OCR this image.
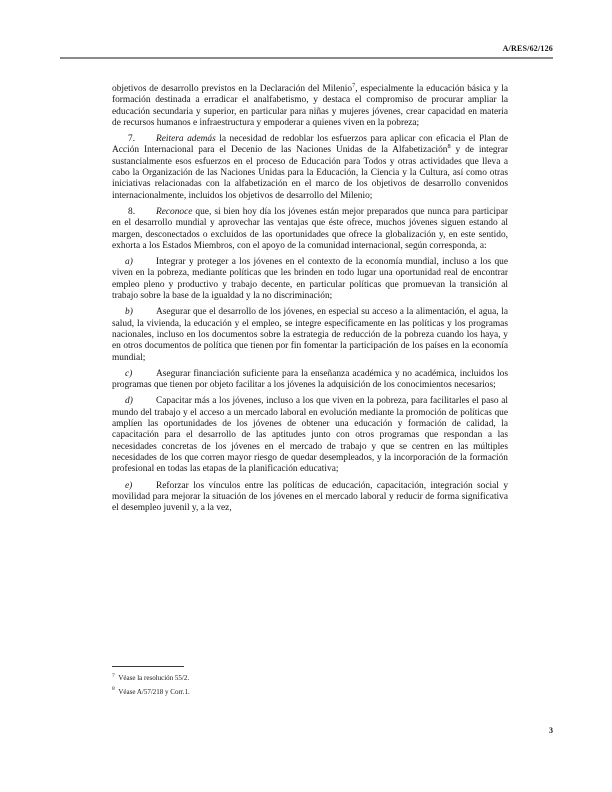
A/RES/62/126

objetivos de desarrollo previstos en la Declaración del Milenio$^7$, especialmente la educación básica y la formación destinada a erradicar el analfabetismo, y destaca el compromiso de procurar ampliar la educación secundaria y superior, en particular para niñas y mujeres jóvenes, crear capacidad en materia de recursos humanos e infraestructura y empoderar a quienes viven en la pobreza;

7. Reitera además la necesidad de redoblar los esfuerzos para aplicar con eficacia el Plan de Acción Internacional para el Decenio de las Naciones Unidas de la Alfabetización$^8$ y de integrar sustancialmente esos esfuerzos en el proceso de Educación para Todos y otras actividades que lleva a cabo la Organización de las Naciones Unidas para la Educación, la Ciencia y la Cultura, así como otras iniciativas relacionadas con la alfabetización en el marco de los objetivos de desarrollo convenidos internacionalmente, incluidos los objetivos de desarrollo del Milenio;

8. Reconoce que, si bien hoy día los jóvenes están mejor preparados que nunca para participar en el desarrollo mundial y aprovechar las ventajas que éste ofrece, muchos jóvenes siguen estando al margen, desconectados o excluidos de las oportunidades que ofrece la globalización y, en este sentido, exhorta a los Estados Miembros, con el apoyo de la comunidad internacional, según corresponda, a:

a) Integrar y proteger a los jóvenes en el contexto de la economía mundial, incluso a los que viven en la pobreza, mediante políticas que les brinden en todo lugar una oportunidad real de encontrar empleo pleno y productivo y trabajo decente, en particular políticas que promuevan la transición al trabajo sobre la base de la igualdad y la no discriminación;

b) Asegurar que el desarrollo de los jóvenes, en especial su acceso a la alimentación, el agua, la salud, la vivienda, la educación y el empleo, se integre específicamente en las políticas y los programas nacionales, incluso en los documentos sobre la estrategia de reducción de la pobreza cuando los haya, y en otros documentos de política que tienen por fin fomentar la participación de los países en la economía mundial;

c)	Asegurar financiación suficiente para la enseñanza académica y no académica, incluidos los programas que tienen por objeto facilitar a los jóvenes la adquisición de los conocimientos necesarios;

d) Capacitar más a los jóvenes, incluso a los que viven en la pobreza, para facilitarles el paso al mundo del trabajo y el acceso a un mercado laboral en evolución mediante la promoción de políticas que amplíen las oportunidades de los jóvenes de obtener una educación y formación de calidad, la capacitación para el desarrollo de las aptitudes junto con otros programas que respondan a las necesidades concretas de los jóvenes en el mercado de trabajo y que se centren en las múltiples necesidades de los que corren mayor riesgo de quedar desempleados, y la incorporación de la formación profesional en todas las etapas de la planificación educativa;

e)	Reforzar los vínculos entre las políticas de educación, capacitación, integración social y movilidad para mejorar la situación de los jóvenes en el mercado laboral y reducir de forma significativa el desempleo juvenil y, a la vez,

$^7$ Véase la resolución 55/2.
$^8$ Véase A/57/218 y Corr.1.
3
